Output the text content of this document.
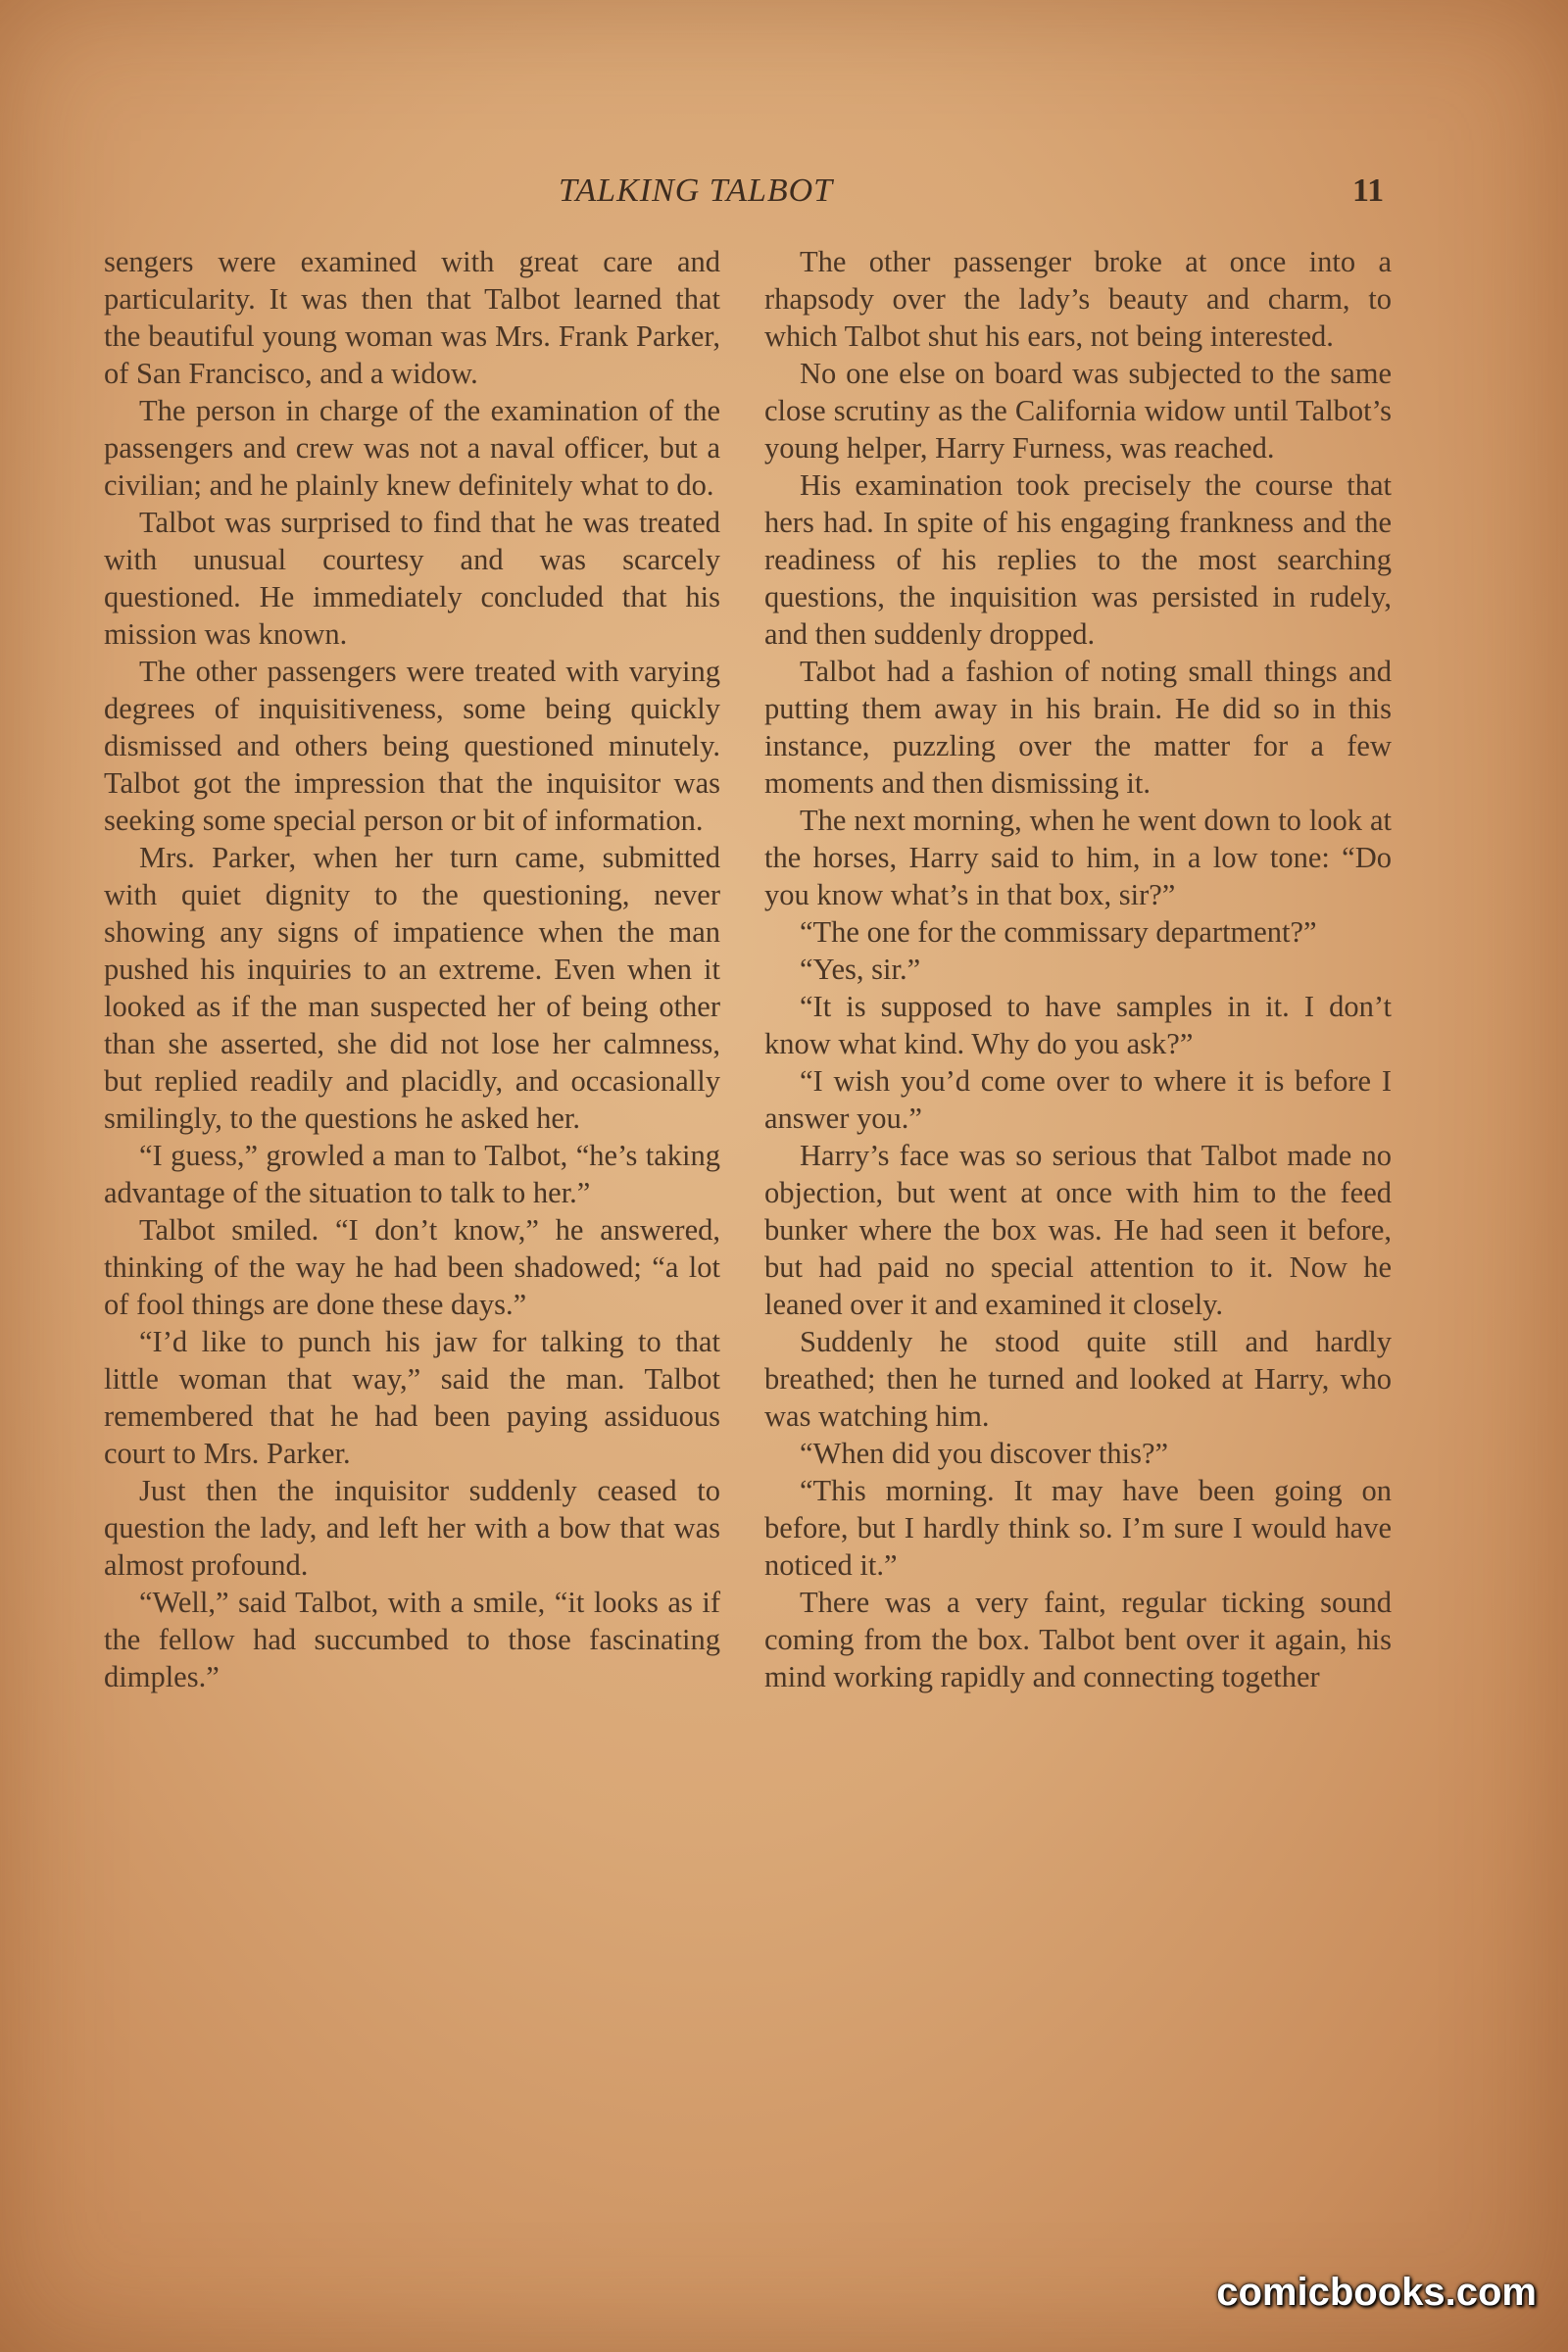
TALKING TALBOT	11

sengers were examined with great care and particularity. It was then that Talbot learned that the beautiful young woman was Mrs. Frank Parker, of San Francisco, and a widow.

The person in charge of the examination of the passengers and crew was not a naval officer, but a civilian; and he plainly knew definitely what to do.

Talbot was surprised to find that he was treated with unusual courtesy and was scarcely questioned. He immediately concluded that his mission was known.

The other passengers were treated with varying degrees of inquisitiveness, some being quickly dismissed and others being questioned minutely. Talbot got the impression that the inquisitor was seeking some special person or bit of information.

Mrs. Parker, when her turn came, submitted with quiet dignity to the questioning, never showing any signs of impatience when the man pushed his inquiries to an extreme. Even when it looked as if the man suspected her of being other than she asserted, she did not lose her calmness, but replied readily and placidly, and occasionally smilingly, to the questions he asked her.

“I guess,” growled a man to Talbot, “he’s taking advantage of the situation to talk to her.”

Talbot smiled. “I don’t know,” he answered, thinking of the way he had been shadowed; “a lot of fool things are done these days.”

“I’d like to punch his jaw for talking to that little woman that way,” said the man. Talbot remembered that he had been paying assiduous court to Mrs. Parker.

Just then the inquisitor suddenly ceased to question the lady, and left her with a bow that was almost profound.

“Well,” said Talbot, with a smile, “it looks as if the fellow had succumbed to those fascinating dimples.”

The other passenger broke at once into a rhapsody over the lady’s beauty and charm, to which Talbot shut his ears, not being interested.

No one else on board was subjected to the same close scrutiny as the California widow until Talbot’s young helper, Harry Furness, was reached.

His examination took precisely the course that hers had. In spite of his engaging frankness and the readiness of his replies to the most searching questions, the inquisition was persisted in rudely, and then suddenly dropped.

Talbot had a fashion of noting small things and putting them away in his brain. He did so in this instance, puzzling over the matter for a few moments and then dismissing it.

The next morning, when he went down to look at the horses, Harry said to him, in a low tone: “Do you know what’s in that box, sir?”

“The one for the commissary department?”

“Yes, sir.”

“It is supposed to have samples in it. I don’t know what kind. Why do you ask?”

“I wish you’d come over to where it is before I answer you.”

Harry’s face was so serious that Talbot made no objection, but went at once with him to the feed bunker where the box was. He had seen it before, but had paid no special attention to it. Now he leaned over it and examined it closely.

Suddenly he stood quite still and hardly breathed; then he turned and looked at Harry, who was watching him.

“When did you discover this?”

“This morning. It may have been going on before, but I hardly think so. I’m sure I would have noticed it.”

There was a very faint, regular ticking sound coming from the box. Talbot bent over it again, his mind working rapidly and connecting together

comicbooks.com
